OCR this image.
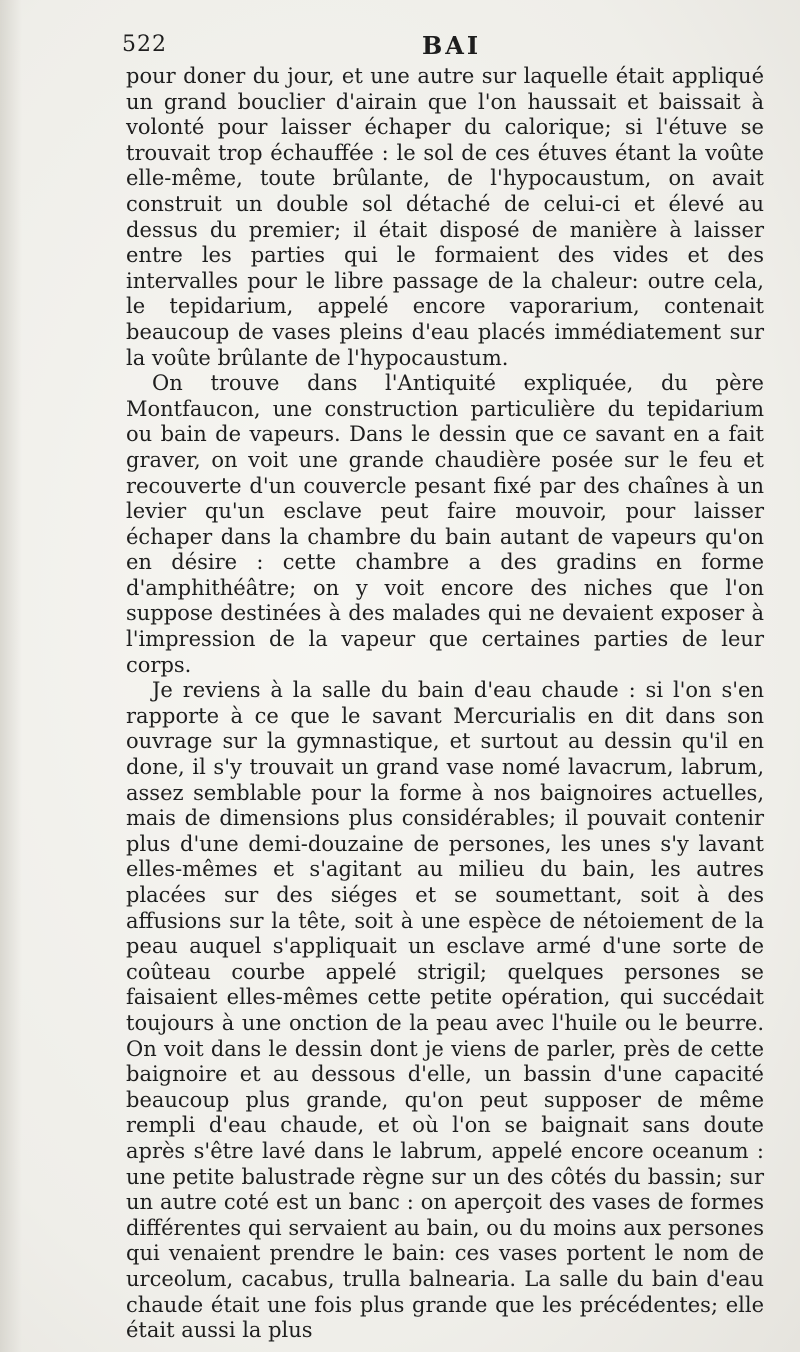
522	BAI

pour doner du jour, et une autre sur laquelle était appliqué un grand bouclier d'airain que l'on haussait et baissait à volonté pour laisser échaper du calorique; si l'étuve se trouvait trop échauffée : le sol de ces étuves étant la voûte elle-même, toute brûlante, de l'hypocaustum, on avait construit un double sol détaché de celui-ci et élevé au dessus du premier; il était disposé de manière à laisser entre les parties qui le formaient des vides et des intervalles pour le libre passage de la chaleur: outre cela, le tepidarium, appelé encore vaporarium, contenait beaucoup de vases pleins d'eau placés immédiatement sur la voûte brûlante de l'hypocaustum.

On trouve dans l'Antiquité expliquée, du père Montfaucon, une construction particulière du tepidarium ou bain de vapeurs. Dans le dessin que ce savant en a fait graver, on voit une grande chaudière posée sur le feu et recouverte d'un couvercle pesant fixé par des chaînes à un levier qu'un esclave peut faire mouvoir, pour laisser échaper dans la chambre du bain autant de vapeurs qu'on en désire : cette chambre a des gradins en forme d'amphithéâtre; on y voit encore des niches que l'on suppose destinées à des malades qui ne devaient exposer à l'impression de la vapeur que certaines parties de leur corps.

Je reviens à la salle du bain d'eau chaude : si l'on s'en rapporte à ce que le savant Mercurialis en dit dans son ouvrage sur la gymnastique, et surtout au dessin qu'il en done, il s'y trouvait un grand vase nomé lavacrum, labrum, assez semblable pour la forme à nos baignoires actuelles, mais de dimensions plus considérables; il pouvait contenir plus d'une demi-douzaine de persones, les unes s'y lavant elles-mêmes et s'agitant au milieu du bain, les autres placées sur des siéges et se soumettant, soit à des affusions sur la tête, soit à une espèce de nétoiement de la peau auquel s'appliquait un esclave armé d'une sorte de coûteau courbe appelé strigil; quelques persones se faisaient elles-mêmes cette petite opération, qui succédait toujours à une onction de la peau avec l'huile ou le beurre. On voit dans le dessin dont je viens de parler, près de cette baignoire et au dessous d'elle, un bassin d'une capacité beaucoup plus grande, qu'on peut supposer de même rempli d'eau chaude, et où l'on se baignait sans doute après s'être lavé dans le labrum, appelé encore oceanum : une petite balustrade règne sur un des côtés du bassin; sur un autre coté est un banc : on aperçoit des vases de formes différentes qui servaient au bain, ou du moins aux persones qui venaient prendre le bain: ces vases portent le nom de urceolum, cacabus, trulla balnearia. La salle du bain d'eau chaude était une fois plus grande que les précédentes; elle était aussi la plus
